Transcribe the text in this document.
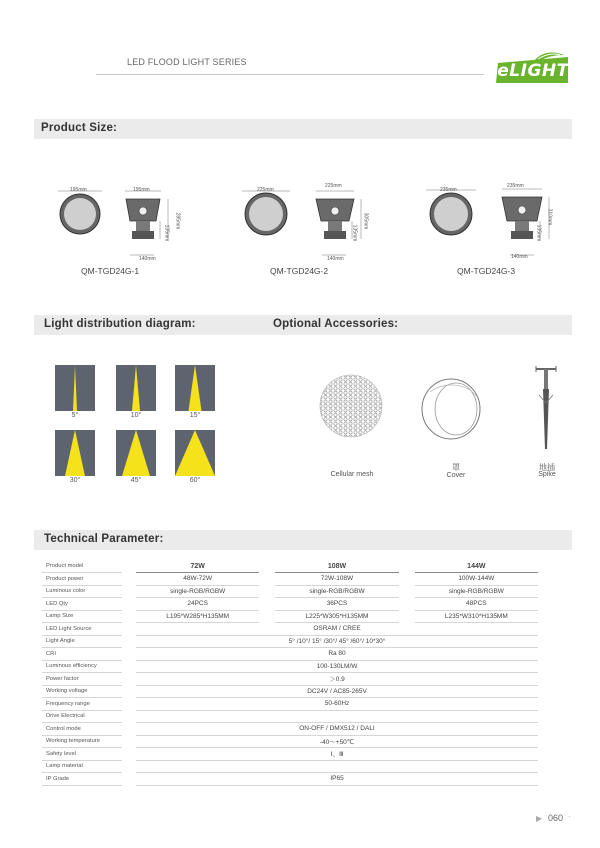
LED FLOOD LIGHT SERIES	eLIGHT
Product Size:
195mm	195mm
285mm
135mm
140mm
QM-TGD24G-1
225mm
225mm
305mm
135mm
140mm
QM-TGD24G-2
235mm
235mm
310mm
135mm
140mm
QM-TGD24G-3
Light distribution diagram:	Optional Accessories:
5°	10°	15°
30°	45°	60°
Cellular mesh
罩
Cover
地插
Spike
Technical Parameter:
Product model		72W		108W		144W
Product power		48W-72W		72W-108W		100W-144W
Luminous color		single-RGB/RGBW		single-RGB/RGBW		single-RGB/RGBW
LED Qty		24PCS		36PCS		48PCS
Lamp Size		L195*W285*H135MM		L225*W305*H135MM		L235*W310*H135MM
LED Light Source		OSRAM / CREE				
Light Angle		5° /10°/ 15° /30°/ 45° /60°/ 10*30°				
CRI		Ra 80				
Luminous efficiency		100-130LM/W				
Power factor		＞0.9				
Working voltage		DC24V / AC85-265V				
Frequency range		50-60Hz				
Drive Electrical						
Control mode		ON-OFF / DMX512 / DALI				
Working temperature		-40～+50℃				
Safety level		Ⅰ、Ⅲ				
Lamp material						
IP Grade		IP65				
▶ 060 ·
